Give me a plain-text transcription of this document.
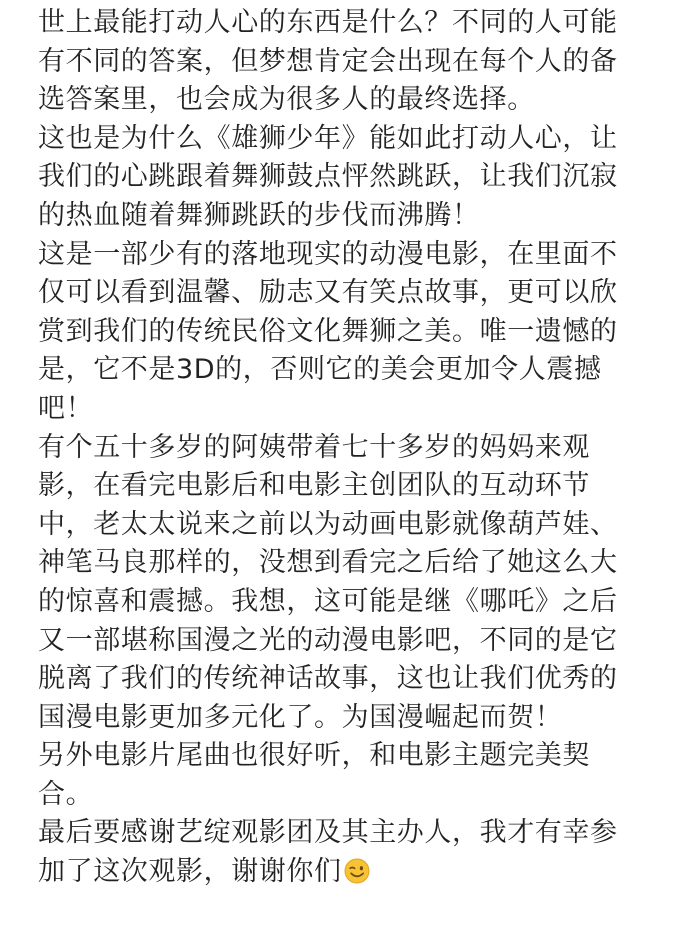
世上最能打动人心的东西是什么？不同的人可能
有不同的答案，但梦想肯定会出现在每个人的备
选答案里，也会成为很多人的最终选择。
这也是为什么《雄狮少年》能如此打动人心，让
我们的心跳跟着舞狮鼓点怦然跳跃，让我们沉寂
的热血随着舞狮跳跃的步伐而沸腾！
这是一部少有的落地现实的动漫电影，在里面不
仅可以看到温馨、励志又有笑点故事，更可以欣
赏到我们的传统民俗文化舞狮之美。唯一遗憾的
是，它不是3D的，否则它的美会更加令人震撼
吧！
有个五十多岁的阿姨带着七十多岁的妈妈来观
影，在看完电影后和电影主创团队的互动环节
中，老太太说来之前以为动画电影就像葫芦娃、
神笔马良那样的，没想到看完之后给了她这么大
的惊喜和震撼。我想，这可能是继《哪吒》之后
又一部堪称国漫之光的动漫电影吧，不同的是它
脱离了我们的传统神话故事，这也让我们优秀的
国漫电影更加多元化了。为国漫崛起而贺！
另外电影片尾曲也很好听，和电影主题完美契
合。
最后要感谢艺绽观影团及其主办人，我才有幸参
加了这次观影，谢谢你们
